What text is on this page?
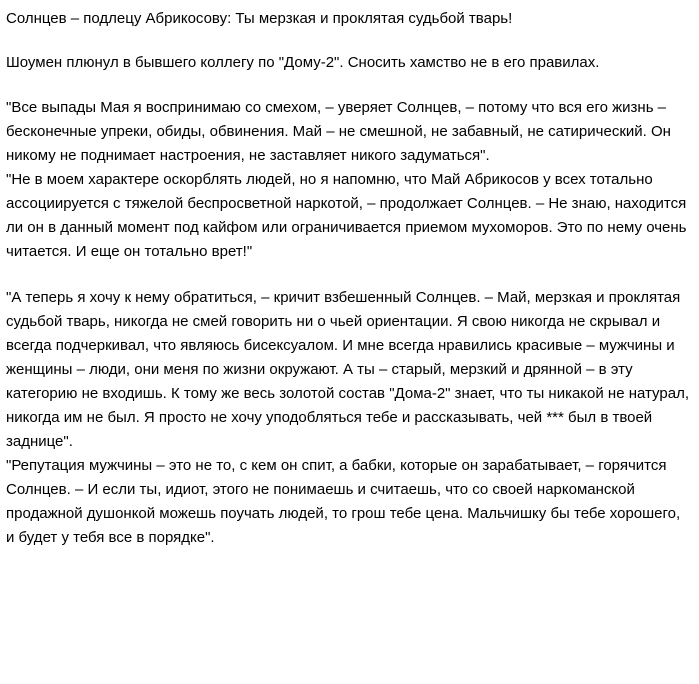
Солнцев – подлецу Абрикосову: Ты мерзкая и проклятая судьбой тварь!

Шоумен плюнул в бывшего коллегу по "Дому-2". Сносить хамство не в его правилах.

"Все выпады Мая я воспринимаю со смехом, – уверяет Солнцев, – потому что вся его жизнь – бесконечные упреки, обиды, обвинения. Май – не смешной, не забавный, не сатирический. Он никому не поднимает настроения, не заставляет никого задуматься".

"Не в моем характере оскорблять людей, но я напомню, что Май Абрикосов у всех тотально ассоциируется с тяжелой беспросветной наркотой, – продолжает Солнцев. – Не знаю, находится ли он в данный момент под кайфом или ограничивается приемом мухоморов. Это по нему очень читается. И еще он тотально врет!"

"А теперь я хочу к нему обратиться, – кричит взбешенный Солнцев. – Май, мерзкая и проклятая судьбой тварь, никогда не смей говорить ни о чьей ориентации. Я свою никогда не скрывал и всегда подчеркивал, что являюсь бисексуалом. И мне всегда нравились красивые – мужчины и женщины – люди, они меня по жизни окружают. А ты – старый, мерзкий и дрянной – в эту категорию не входишь. К тому же весь золотой состав "Дома-2" знает, что ты никакой не натурал, никогда им не был. Я просто не хочу уподобляться тебе и рассказывать, чей *** был в твоей заднице".

"Репутация мужчины – это не то, с кем он спит, а бабки, которые он зарабатывает, – горячится Солнцев. – И если ты, идиот, этого не понимаешь и считаешь, что со своей наркоманской продажной душонкой можешь поучать людей, то грош тебе цена. Мальчишку бы тебе хорошего, и будет у тебя все в порядке".
